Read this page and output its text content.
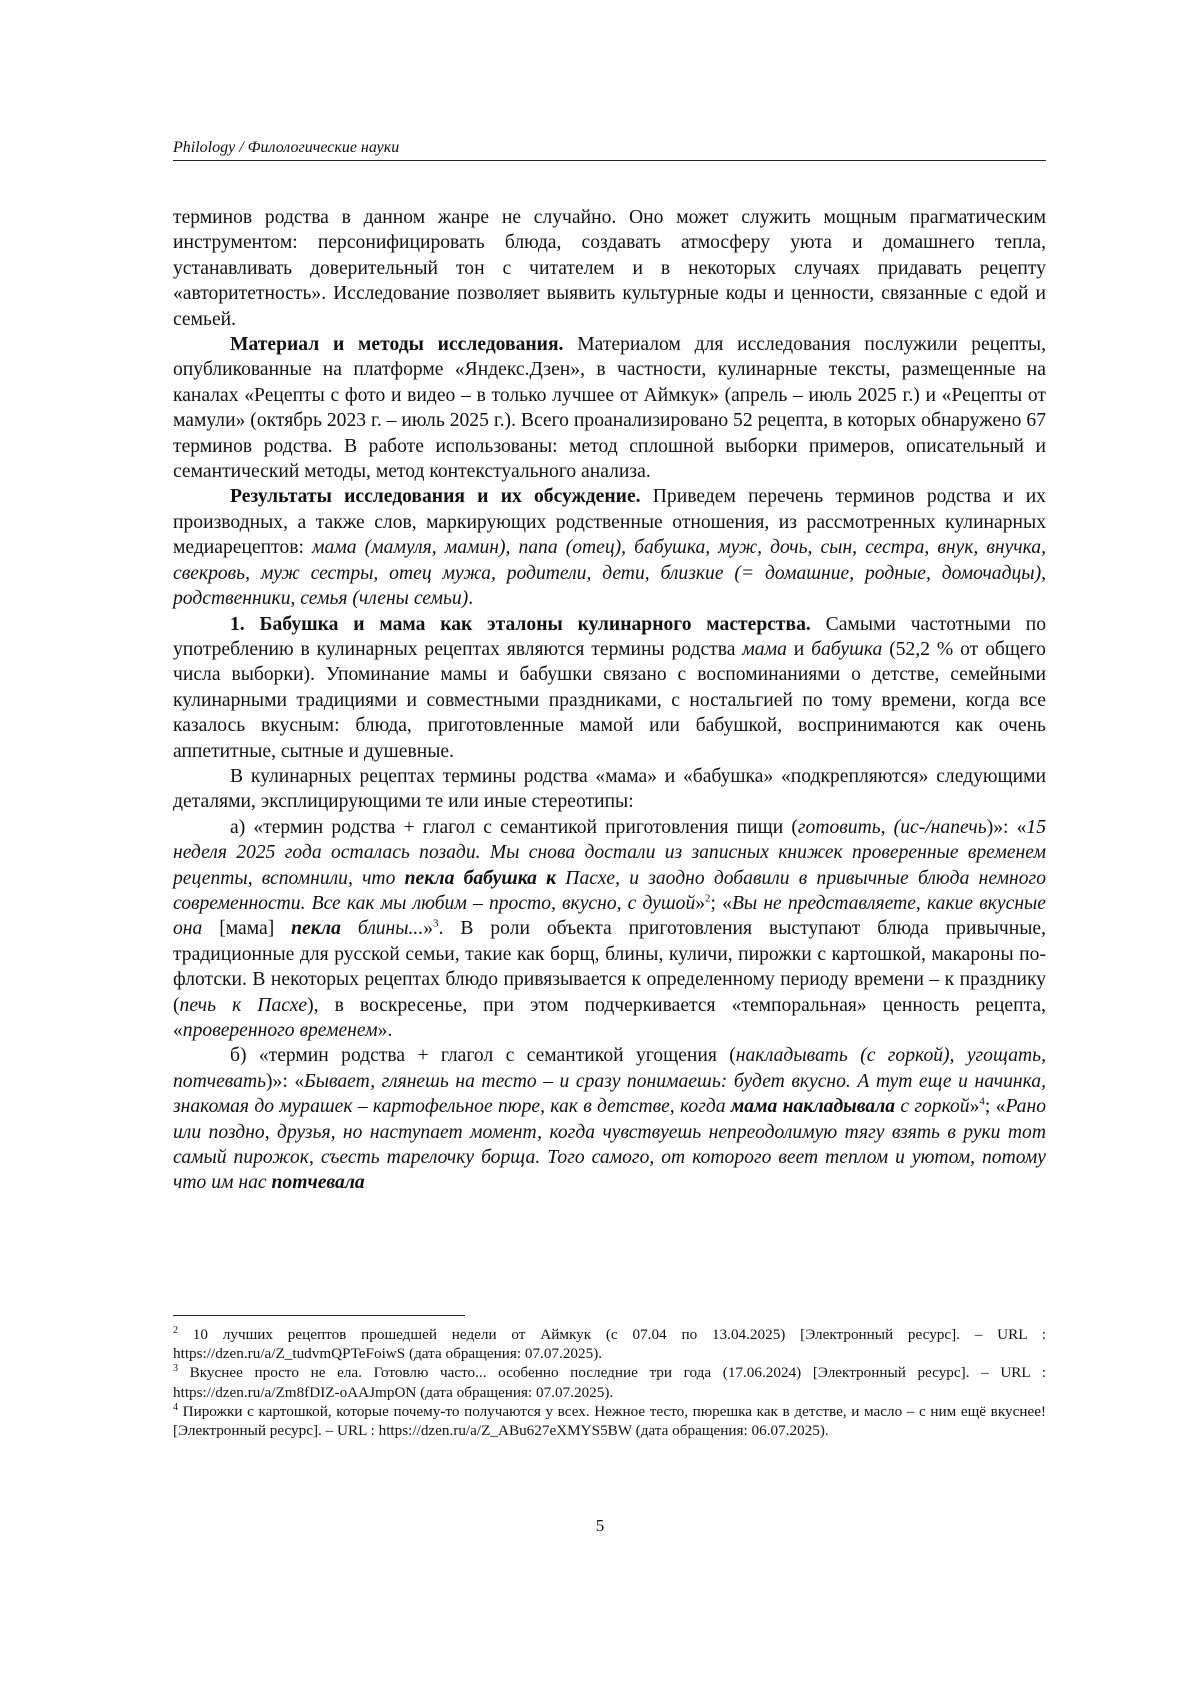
Philology / Филологические науки

терминов родства в данном жанре не случайно. Оно может служить мощным прагматическим инструментом: персонифицировать блюда, создавать атмосферу уюта и домашнего тепла, устанавливать доверительный тон с читателем и в некоторых случаях придавать рецепту «авторитетность». Исследование позволяет выявить культурные коды и ценности, связанные с едой и семьей.

Материал и методы исследования. Материалом для исследования послужили рецепты, опубликованные на платформе «Яндекс.Дзен», в частности, кулинарные тексты, размещенные на каналах «Рецепты с фото и видео – в только лучшее от Аймкук» (апрель – июль 2025 г.) и «Рецепты от мамули» (октябрь 2023 г. – июль 2025 г.). Всего проанализировано 52 рецепта, в которых обнаружено 67 терминов родства. В работе использованы: метод сплошной выборки примеров, описательный и семантический методы, метод контекстуального анализа.

Результаты исследования и их обсуждение. Приведем перечень терминов родства и их производных, а также слов, маркирующих родственные отношения, из рассмотренных кулинарных медиарецептов: мама (мамуля, мамин), папа (отец), бабушка, муж, дочь, сын, сестра, внук, внучка, свекровь, муж сестры, отец мужа, родители, дети, близкие (= домашние, родные, домочадцы), родственники, семья (члены семьи).

1. Бабушка и мама как эталоны кулинарного мастерства. Самыми частотными по употреблению в кулинарных рецептах являются термины родства мама и бабушка (52,2 % от общего числа выборки). Упоминание мамы и бабушки связано с воспоминаниями о детстве, семейными кулинарными традициями и совместными праздниками, с ностальгией по тому времени, когда все казалось вкусным: блюда, приготовленные мамой или бабушкой, воспринимаются как очень аппетитные, сытные и душевные.

В кулинарных рецептах термины родства «мама» и «бабушка» «подкрепляются» следующими деталями, эксплицирующими те или иные стереотипы:

а) «термин родства + глагол с семантикой приготовления пищи (готовить, (ис-/напечь)»: «15 неделя 2025 года осталась позади. Мы снова достали из записных книжек проверенные временем рецепты, вспомнили, что пекла бабушка к Пасхе, и заодно добавили в привычные блюда немного современности. Все как мы любим – просто, вкусно, с душой»$^2$; «Вы не представляете, какие вкусные она [мама] пекла блины...»$^3$. В роли объекта приготовления выступают блюда привычные, традиционные для русской семьи, такие как борщ, блины, куличи, пирожки с картошкой, макароны по-флотски. В некоторых рецептах блюдо привязывается к определенному периоду времени – к празднику (печь к Пасхе), в воскресенье, при этом подчеркивается «темпоральная» ценность рецепта, «проверенного временем».

б) «термин родства + глагол с семантикой угощения (накладывать (с горкой), угощать, потчевать)»: «Бывает, глянешь на тесто – и сразу понимаешь: будет вкусно. А тут еще и начинка, знакомая до мурашек – картофельное пюре, как в детстве, когда мама накладывала с горкой»$^4$; «Рано или поздно, друзья, но наступает момент, когда чувствуешь непреодолимую тягу взять в руки тот самый пирожок, съесть тарелочку борща. Того самого, от которого веет теплом и уютом, потому что им нас потчевала

$^2$ 10 лучших рецептов прошедшей недели от Аймкук (с 07.04 по 13.04.2025) [Электронный ресурс]. – URL : https://dzen.ru/a/Z_tudvmQPTeFoiwS (дата обращения: 07.07.2025).

$^3$ Вкуснее просто не ела. Готовлю часто... особенно последние три года (17.06.2024) [Электронный ресурс]. – URL : https://dzen.ru/a/Zm8fDIZ-oAAJmpON (дата обращения: 07.07.2025).

$^4$ Пирожки с картошкой, которые почему-то получаются у всех. Нежное тесто, пюрешка как в детстве, и масло – с ним ещё вкуснее! [Электронный ресурс]. – URL : https://dzen.ru/a/Z_ABu627eXMYS5BW (дата обращения: 06.07.2025).

5
